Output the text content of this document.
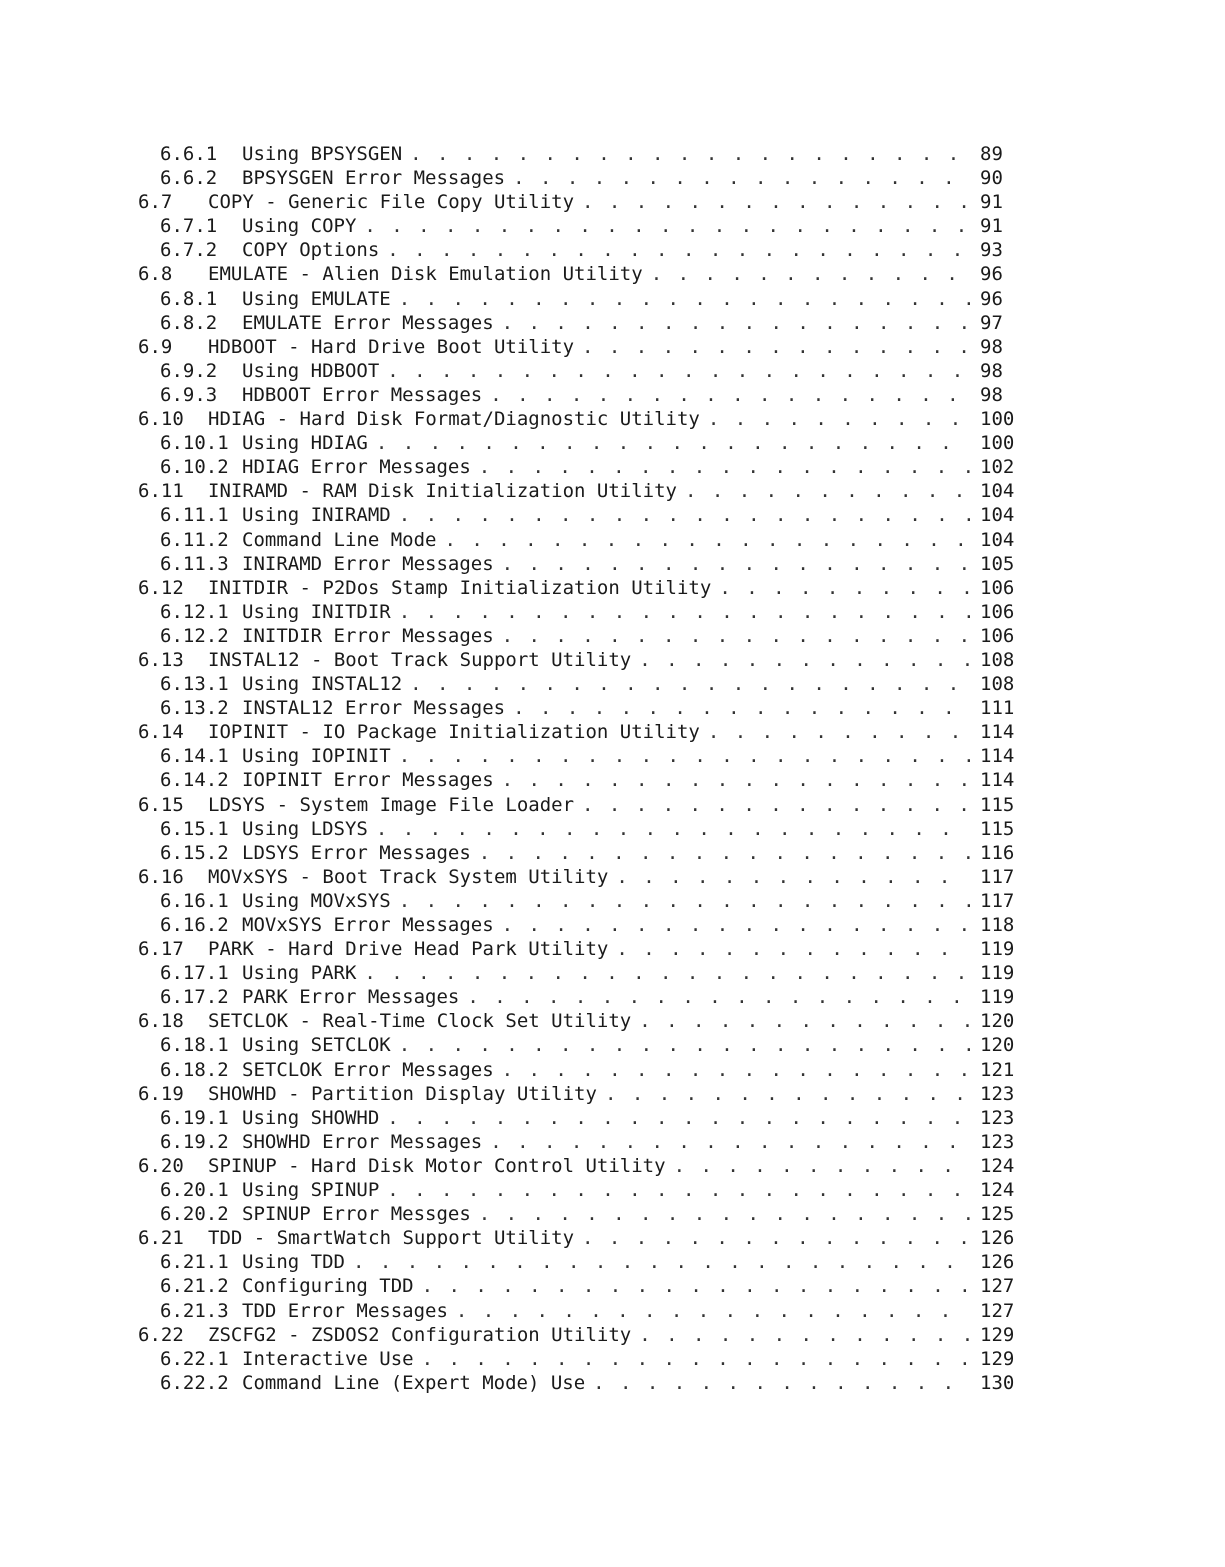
6.6.1	Using BPSYSGEN . . .	89
6.6.2	BPSYSGEN Error Messages . . .	90
6.7	COPY - Generic File Copy Utility . . .	91
6.7.1	Using COPY . . .	91
6.7.2	COPY Options . . .	93
6.8	EMULATE - Alien Disk Emulation Utility . . .	96
6.8.1	Using EMULATE . . .	96
6.8.2	EMULATE Error Messages . . .	97
6.9	HDBOOT - Hard Drive Boot Utility . . .	98
6.9.2	Using HDBOOT . . .	98
6.9.3	HDBOOT Error Messages . . .	98
6.10	HDIAG - Hard Disk Format/Diagnostic Utility . . .	100
6.10.1 Using HDIAG . . .	100
6.10.2 HDIAG Error Messages . . .	102
6.11	INIRAMD - RAM Disk Initialization Utility . . .	104
6.11.1 Using INIRAMD . . .	104
6.11.2 Command Line Mode . . .	104
6.11.3 INIRAMD Error Messages . . .	105
6.12	INITDIR - P2Dos Stamp Initialization Utility . . .	106
6.12.1 Using INITDIR . . .	106
6.12.2 INITDIR Error Messages . . .	106
6.13	INSTAL12 - Boot Track Support Utility . . .	108
6.13.1 Using INSTAL12 . . .	108
6.13.2 INSTAL12 Error Messages . . .	111
6.14	IOPINIT - IO Package Initialization Utility . . .	114
6.14.1 Using IOPINIT . . .	114
6.14.2 IOPINIT Error Messages . . .	114
6.15	LDSYS - System Image File Loader . . .	115
6.15.1 Using LDSYS . . .	115
6.15.2 LDSYS Error Messages . . .	116
6.16	MOVxSYS - Boot Track System Utility . . .	117
6.16.1 Using MOVxSYS . . .	117
6.16.2 MOVxSYS Error Messages . . .	118
6.17	PARK - Hard Drive Head Park Utility . . .	119
6.17.1 Using PARK . . .	119
6.17.2 PARK Error Messages . . .	119
6.18	SETCLOK - Real-Time Clock Set Utility . . .	120
6.18.1 Using SETCLOK . . .	120
6.18.2 SETCLOK Error Messages . . .	121
6.19	SHOWHD - Partition Display Utility . . .	123
6.19.1 Using SHOWHD . . .	123
6.19.2 SHOWHD Error Messages . . .	123
6.20	SPINUP - Hard Disk Motor Control Utility . . .	124
6.20.1 Using SPINUP . . .	124
6.20.2 SPINUP Error Messges . . .	125
6.21	TDD - SmartWatch Support Utility . . .	126
6.21.1 Using TDD . . .	126
6.21.2 Configuring TDD . . .	127
6.21.3 TDD Error Messages . . .	127
6.22	ZSCFG2 - ZSDOS2 Configuration Utility . . .	129
6.22.1 Interactive Use . . .	129
6.22.2 Command Line (Expert Mode) Use . . .	130
